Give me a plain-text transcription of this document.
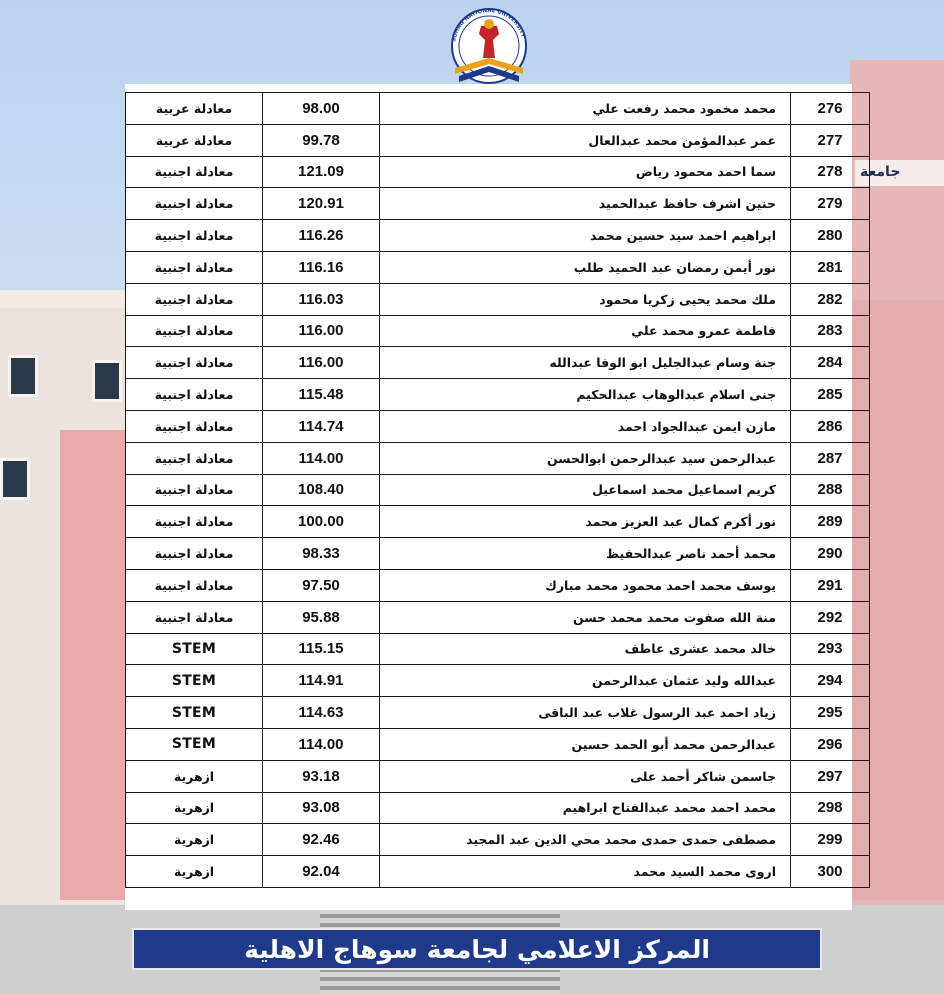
جامعة
SOHAG NATIONAL UNIVERSITY
معادلة عربية	98.00	محمد مخمود محمد رفعت علي	276
معادلة عربية	99.78	عمر عبدالمؤمن محمد عبدالعال	277
معادلة اجنبية	121.09	سما احمد محمود رياض	278
معادلة اجنبية	120.91	حنين اشرف حافظ عبدالحميد	279
معادلة اجنبية	116.26	ابراهيم احمد سيد حسين محمد	280
معادلة اجنبية	116.16	نور أيمن رمضان عبد الحميد طلب	281
معادلة اجنبية	116.03	ملك محمد يحيى زكريا محمود	282
معادلة اجنبية	116.00	فاطمة عمرو محمد علي	283
معادلة اجنبية	116.00	جنة وسام عبدالجليل ابو الوفا عبدالله	284
معادلة اجنبية	115.48	جنى اسلام عبدالوهاب عبدالحكيم	285
معادلة اجنبية	114.74	مازن ايمن عبدالجواد احمد	286
معادلة اجنبية	114.00	عبدالرحمن سيد عبدالرحمن ابوالحسن	287
معادلة اجنبية	108.40	كريم اسماعيل محمد اسماعيل	288
معادلة اجنبية	100.00	نور أكرم كمال عبد العزيز محمد	289
معادلة اجنبية	98.33	محمد أحمد ناصر عبدالحفيظ	290
معادلة اجنبية	97.50	يوسف محمد احمد محمود محمد مبارك	291
معادلة اجنبية	95.88	منة الله صفوت محمد محمد حسن	292
STEM	115.15	خالد محمد عشرى عاطف	293
STEM	114.91	عبدالله وليد عثمان عبدالرحمن	294
STEM	114.63	زياد احمد عبد الرسول غلاب عبد الباقى	295
STEM	114.00	عبدالرحمن محمد أبو الحمد حسين	296
ازهرية	93.18	جاسمن شاكر أحمد على	297
ازهرية	93.08	محمد احمد محمد عبدالفتاح ابراهيم	298
ازهرية	92.46	مصطفى حمدى حمدى محمد محي الدين عبد المجيد	299
ازهرية	92.04	اروى محمد السيد محمد	300
المركز الاعلامي لجامعة سوهاج الاهلية
